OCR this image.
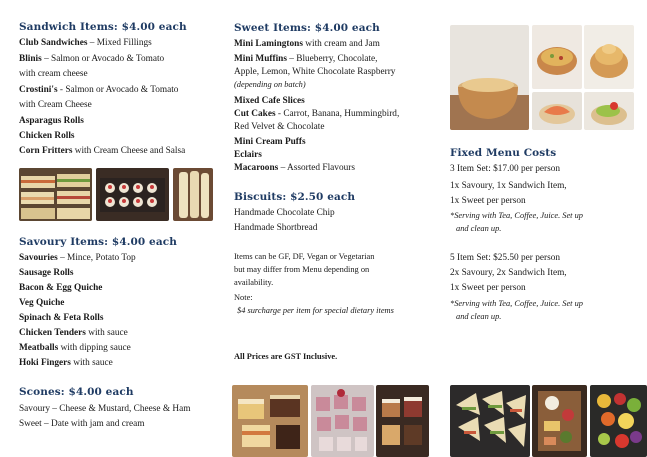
Sandwich Items: $4.00 each
Club Sandwiches – Mixed Fillings
Blinis – Salmon or Avocado & Tomato
with cream cheese
Crostini's - Salmon or Avocado & Tomato
with Cream Cheese
Asparagus Rolls
Chicken Rolls
Corn Fritters with Cream Cheese and Salsa
Savoury Items: $4.00 each
Savouries – Mince, Potato Top
Sausage Rolls
Bacon & Egg Quiche
Veg Quiche
Spinach & Feta Rolls
Chicken Tenders with sauce
Meatballs with dipping sauce
Hoki Fingers with sauce
Scones: $4.00 each
Savoury – Cheese & Mustard, Cheese & Ham
Sweet – Date with jam and cream
Sweet Items: $4.00 each
Mini Lamingtons with cream and Jam
Mini Muffins – Blueberry, Chocolate,
Apple, Lemon, White Chocolate Raspberry
(depending on batch)
Mixed Cafe Slices
Cut Cakes - Carrot, Banana, Hummingbird,
Red Velvet & Chocolate
Mini Cream Puffs
Eclairs
Macaroons – Assorted Flavours
Biscuits: $2.50 each
Handmade Chocolate Chip
Handmade Shortbread
Items can be GF, DF, Vegan or Vegetarian
but may differ from Menu depending on
availability.
Note:
$4 surcharge per item for special dietary items
All Prices are GST Inclusive.
Fixed Menu Costs
3 Item Set: $17.00 per person
1x Savoury, 1x Sandwich Item,
1x Sweet per person
*Serving with Tea, Coffee, Juice. Set up
and clean up.
5 Item Set: $25.50 per person
2x Savoury, 2x Sandwich Item,
1x Sweet per person
*Serving with Tea, Coffee, Juice. Set up
and clean up.
